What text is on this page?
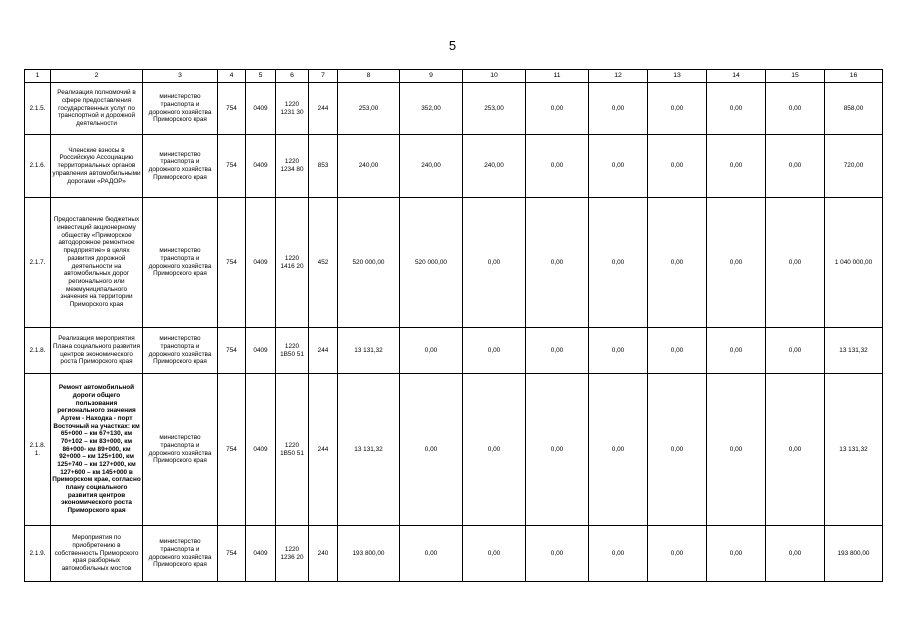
5
1	2	3	4	5	6	7	8	9	10	11	12	13	14	15	16
2.1.5.	Реализация полномочий в сфере предоставления государственных услуг по транспортной и дорожной деятельности	министерство транспорта и дорожного хозяйства Приморского края	754	0409	1220 1231 30	244	253,00	352,00	253,00	0,00	0,00	0,00	0,00	0,00	858,00
2.1.6.	Членские взносы в Российскую Ассоциацию территориальных органов управления автомобильными дорогами «РАДОР»	министерство транспорта и дорожного хозяйства Приморского края	754	0409	1220 1234 80	853	240,00	240,00	240,00	0,00	0,00	0,00	0,00	0,00	720,00
2.1.7.	Предоставление бюджетных инвестиций акционерному обществу «Приморское автодорожное ремонтное предприятие» в целях развития дорожной деятельности на автомобильных дорог регионального или межмуниципального значения на территории Приморского края	министерство транспорта и дорожного хозяйства Приморского края	754	0409	1220 1416 20	452	520 000,00	520 000,00	0,00	0,00	0,00	0,00	0,00	0,00	1 040 000,00
2.1.8.	Реализация мероприятия Плана социального развития центров экономического роста Приморского края	министерство транспорта и дорожного хозяйства Приморского края	754	0409	1220 1B50 51	244	13 131,32	0,00	0,00	0,00	0,00	0,00	0,00	0,00	13 131,32
2.1.8. 1.	Ремонт автомобильной дороги общего пользования регионального значения Артем - Находка - порт Восточный на участках: км 65+000 – км 67+130, км 70+102 – км 83+000, км 86+000- км 89+000, км 92+000 – км 125+100, км 125+740 – км 127+000, км 127+600 – км 145+000 в Приморском крае, согласно плану социального развития центров экономического роста Приморского края	министерство транспорта и дорожного хозяйства Приморского края	754	0409	1220 1B50 51	244	13 131,32	0,00	0,00	0,00	0,00	0,00	0,00	0,00	13 131,32
2.1.9.	Мероприятия по приобретению в собственность Приморского края разборных автомобильных мостов	министерство транспорта и дорожного хозяйства Приморского края	754	0409	1220 1236 20	240	193 800,00	0,00	0,00	0,00	0,00	0,00	0,00	0,00	193 800,00
